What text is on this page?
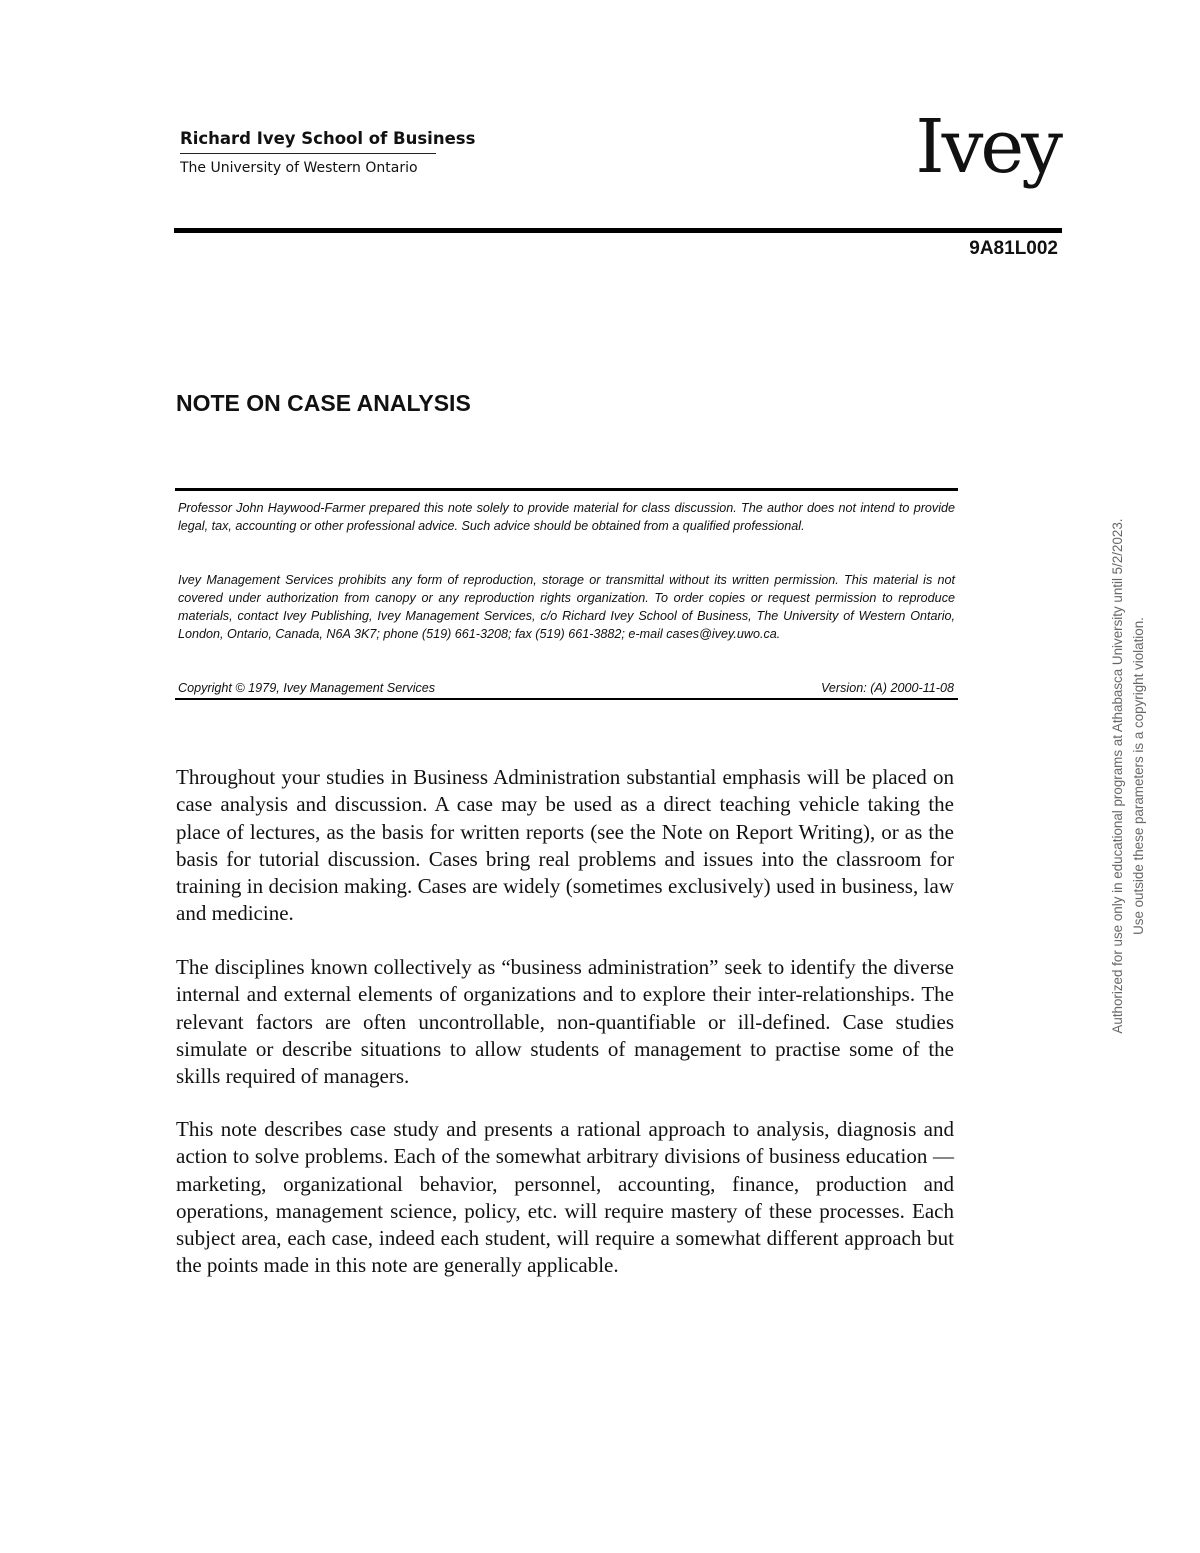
Richard Ivey School of Business
The University of Western Ontario	Ivey
9A81L002
NOTE ON CASE ANALYSIS
Professor John Haywood-Farmer prepared this note solely to provide material for class discussion. The author does not intend to provide legal, tax, accounting or other professional advice. Such advice should be obtained from a qualified professional.
Ivey Management Services prohibits any form of reproduction, storage or transmittal without its written permission. This material is not covered under authorization from canopy or any reproduction rights organization. To order copies or request permission to reproduce materials, contact Ivey Publishing, Ivey Management Services, c/o Richard Ivey School of Business, The University of Western Ontario, London, Ontario, Canada, N6A 3K7; phone (519) 661-3208; fax (519) 661-3882; e-mail cases@ivey.uwo.ca.
Copyright © 1979, Ivey Management Services	Version: (A) 2000-11-08
Throughout your studies in Business Administration substantial emphasis will be placed on case analysis and discussion. A case may be used as a direct teaching vehicle taking the place of lectures, as the basis for written reports (see the Note on Report Writing), or as the basis for tutorial discussion. Cases bring real problems and issues into the classroom for training in decision making. Cases are widely (sometimes exclusively) used in business, law and medicine.
The disciplines known collectively as “business administration” seek to identify the diverse internal and external elements of organizations and to explore their inter-relationships. The relevant factors are often uncontrollable, non-quantifiable or ill-defined. Case studies simulate or describe situations to allow students of management to practise some of the skills required of managers.
This note describes case study and presents a rational approach to analysis, diagnosis and action to solve problems. Each of the somewhat arbitrary divisions of business education — marketing, organizational behavior, personnel, accounting, finance, production and operations, management science, policy, etc. will require mastery of these processes. Each subject area, each case, indeed each student, will require a somewhat different approach but the points made in this note are generally applicable.
Authorized for use only in educational programs at Athabasca University until 5/2/2023. Use outside these parameters is a copyright violation.
